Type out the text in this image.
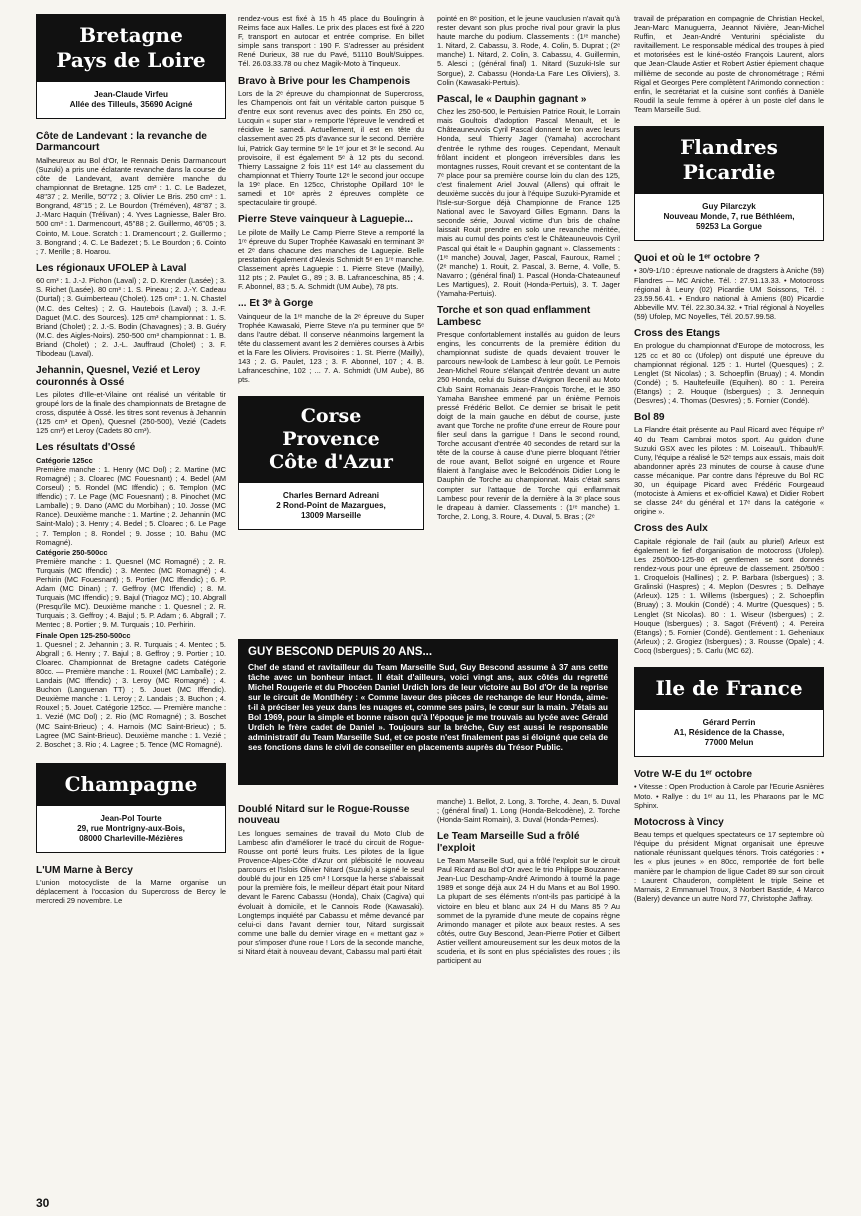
Bretagne
Pays de Loire
Jean-Claude Virfeu
Allée des Tilleuls, 35690 Acigné
Côte de Landevant : la revanche de Darmancourt

Malheureux au Bol d'Or, le Rennais Denis Darmancourt (Suzuki) a pris une éclatante revanche dans la course de côte de Landevant, avant dernière manche du championnat de Bretagne. 125 cm³ : 1. C. Le Badezet, 48''37 ; 2. Merille, 50''72 ; 3. Olivier Le Bris. 250 cm³ : 1. Bongrand, 48''15 ; 2. Le Bourdon (Tréméven), 48''87 ; 3. J.-Marc Haquin (Trélivan) ; 4. Yves Lagniesse, Baler Bro. 500 cm³ : 1. Darmencourt, 45''88 ; 2. Guillermo, 46''05 ; 3. Cointo, M. Loue. Scratch : 1. Dramencourt ; 2. Guillermo ; 3. Bongrand ; 4. C. Le Badezet ; 5. Le Bourdon ; 6. Cointo ; 7. Merille ; 8. Hoarou.

Les régionaux UFOLEP à Laval

60 cm³ : 1. J.-J. Pichon (Laval) ; 2. D. Krender (Lasée) ; 3. S. Richet (Lasée). 80 cm³ : 1. S. Pineau ; 2. J.-Y. Cadeau (Durtal) ; 3. Guimberteau (Cholet). 125 cm³ : 1. N. Chastel (M.C. des Celtes) ; 2. G. Hautebois (Laval) ; 3. J.-F. Daguet (M.C. des Sources). 125 cm³ championnat : 1. S. Briand (Cholet) ; 2. J.-S. Bodin (Chavagnes) ; 3. B. Guéry (M.C. des Aigles-Noirs). 250-500 cm³ championnat : 1. B. Briand (Cholet) ; 2. J.-L. Jauffraud (Cholet) ; 3. F. Tibodeau (Laval).

Jehannin, Quesnel, Vezié et Leroy couronnés à Ossé

Les pilotes d'Ille-et-Vilaine ont réalisé un véritable tir groupé lors de la finale des championnats de Bretagne de cross, disputée à Ossé. les titres sont revenus à Jehannin (125 cm³ et Open), Quesnel (250-500), Vezié (Cadets 125 cm³) et Leroy (Cadets 80 cm³).

Les résultats d'Ossé
Catégorie 125cc

Première manche : 1. Henry (MC Dol) ; 2. Martine (MC Romagné) ; 3. Cloarec (MC Fouesnant) ; 4. Bedel (AM Corseul) ; 5. Rondel (MC Iffendic) ; 6. Templon (MC Iffendic) ; 7. Le Page (MC Fouesnant) ; 8. Pinochet (MC Lamballe) ; 9. Dano (AMC du Morbihan) ; 10. Josse (MC Rance). Deuxième manche : 1. Martine ; 2. Jehannin (MC Saint-Malo) ; 3. Henry ; 4. Bedel ; 5. Cloarec ; 6. Le Page ; 7. Templon ; 8. Rondel ; 9. Josse ; 10. Bahu (MC Romagné).

Catégorie 250-500cc

Première manche : 1. Quesnel (MC Romagné) ; 2. R. Turquais (MC Iffendic) ; 3. Mentec (MC Romagné) ; 4. Perhirin (MC Fouesnant) ; 5. Portier (MC Iffendic) ; 6. P. Adam (MC Dinan) ; 7. Geffroy (MC Iffendic) ; 8. M. Turquais (MC Iffendic) ; 9. Bajul (Triagoz MC) ; 10. Abgrall (Presqu'île MC). Deuxième manche : 1. Quesnel ; 2. R. Turquais ; 3. Geffroy ; 4. Bajul ; 5. P. Adam ; 6. Abgrall ; 7. Mentec ; 8. Portier ; 9. M. Turquais ; 10. Perhirin.

Finale Open 125-250-500cc

1. Quesnel ; 2. Jehannin ; 3. R. Turquais ; 4. Mentec ; 5. Abgrall ; 6. Henry ; 7. Bajul ; 8. Geffroy ; 9. Portier ; 10. Cloarec. Championnat de Bretagne cadets Catégorie 80cc. — Première manche : 1. Rouxel (MC Lamballe) ; 2. Landais (MC Iffendic) ; 3. Leroy (MC Romagné) ; 4. Buchon (Languenan TT) ; 5. Jouet (MC Iffendic). Deuxième manche : 1. Leroy ; 2. Landais ; 3. Buchon ; 4. Rouxel ; 5. Jouet. Catégorie 125cc. — Première manche : 1. Vezié (MC Dol) ; 2. Rio (MC Romagné) ; 3. Boschet (MC Saint-Brieuc) ; 4. Harnois (MC Saint-Brieuc) ; 5. Lagree (MC Saint-Brieuc). Deuxième manche : 1. Vezié ; 2. Boschet ; 3. Rio ; 4. Lagree ; 5. Tence (MC Romagné).

Champagne
Jean-Pol Tourte
29, rue Montrigny-aux-Bois,
08000 Charleville-Mézières
L'UM Marne à Bercy

L'union motocycliste de la Marne organise un déplacement à l'occasion du Supercross de Bercy le mercredi 29 novembre. Le

rendez-vous est fixé à 15 h 45 place du Boulingrin à Reims face aux Halles. Le prix des places est fixé à 220 F, transport en autocar et entrée comprise. En billet simple sans transport : 190 F. S'adresser au président René Durieux, 38 rue du Pavé, 51110 Boult/Suippes. Tél. 26.03.33.78 ou chez Magik-Moto à Tinqueux.

Bravo à Brive pour les Champenois

Lors de la 2ᵉ épreuve du championnat de Supercross, les Champenois ont fait un véritable carton puisque 5 d'entre eux sont revenus avec des points. En 250 cc, Lucquin « super star » remporte l'épreuve le vendredi et récidive le samedi. Actuellement, il est en tête du classement avec 25 pts d'avance sur le second. Derrière lui, Patrick Gay termine 5ᵉ le 1ᵉʳ jour et 3ᵉ le second. Au provisoire, il est également 5ᵉ à 12 pts du second. Thierry Lassaigne 2 fois 11ᵉ est 14ᵉ au classement du championnat et Thierry Tourte 12ᵉ le second jour occupe la 19ᵉ place. En 125cc, Christophe Opillard 10ᵉ le samedi et 10ᵉ après 2 épreuves complète ce spectaculaire tir groupé.

Pierre Steve vainqueur à Laguepie...

Le pilote de Mailly Le Camp Pierre Steve a remporté la 1ʳᵉ épreuve du Super Trophée Kawasaki en terminant 3ᵉ et 2ᵉ dans chacune des manches de Laguepie. Belle prestation également d'Alexis Schmidt 5ᵉ en 1ʳᵉ manche. Classement après Laguepie : 1. Pierre Steve (Mailly), 112 pts ; 2. Paulet G., 89 ; 3. B. Lafranceschina, 85 ; 4. F. Abonnel, 83 ; 5. A. Schmidt (UM Aube), 78 pts.

... Et 3ᵉ à Gorge

Vainqueur de la 1ʳᵉ manche de la 2ᵉ épreuve du Super Trophée Kawasaki, Pierre Steve n'a pu terminer que 5ᵉ dans l'autre débat. Il conserve néanmoins largement la tête du classement avant les 2 dernières courses à Arbis et la Fare les Oliviers. Provisoires : 1. St. Pierre (Mailly), 143 ; 2. G. Paulet, 123 ; 3. F. Abonnel, 107 ; 4. B. Lafranceschine, 102 ; ... 7. A. Schmidt (UM Aube), 86 pts.

Corse
Provence
Côte d'Azur
Charles Bernard Adreani
2 Rond-Point de Mazargues,
13009 Marseille

pointé en 8ᵉ position, et le jeune vauclusien n'avait qu'à rester devant son plus proche rival pour gravir la plus haute marche du podium. Classements : (1ʳᵉ manche) 1. Nitard, 2. Cabassu, 3. Rode, 4. Colin, 5. Duprat ; (2ᵉ manche) 1. Nitard, 2. Colin, 3. Cabassu, 4. Guillermin, 5. Alesci ; (général final) 1. Nitard (Suzuki-Isle sur Sorgue), 2. Cabassu (Honda-La Fare Les Oliviers), 3. Colin (Kawasaki-Pertuis).

Pascal, le « Dauphin gagnant »

Chez les 250-500, le Pertuisien Patrice Rouit, le Lorrain mais Goultois d'adoption Pascal Menault, et le Châteauneuvois Cyril Pascal donnent le ton avec leurs Honda, seul Thierry Jager (Yamaha) accrochant d'entrée le rythme des rouges. Cependant, Menault frôlant incident et plongeon irréversibles dans les montagnes russes, Rouit crevant et se contentant de la 7ᵉ place pour sa première course loin du clan des 125, c'est finalement Ariel Jouval (Allens) qui offrait le deuxième succès du jour à l'équipe Suzuki-Pyramide et l'Isle-sur-Sorgue déjà Championne de France 125 National avec le Savoyard Gilles Egmann. Dans la seconde série, Jouval victime d'un bris de chaîne laissait Rouit prendre en solo une revanche méritée, mais au cumul des points c'est le Châteauneuvois Cyril Pascal qui était le « Dauphin gagnant ». Classements : (1ʳᵉ manche) Jouval, Jager, Pascal, Fauroux, Ramel ; (2ᵉ manche) 1. Rouit, 2. Pascal, 3. Berne, 4. Volle, 5. Navarro ; (général final) 1. Pascal (Honda-Chateauneuf Les Martigues), 2. Rouit (Honda-Pertuis), 3. T. Jager (Yamaha-Pertuis).

Torche et son quad enflamment Lambesc

Presque confortablement installés au guidon de leurs engins, les concurrents de la première édition du championnat sudiste de quads devaient trouver le parcours new-look de Lambesc à leur goût. Le Pernois Jean-Michel Roure s'élançait d'entrée devant un autre 250 Honda, celui du Suisse d'Avignon Ilecenil au Moto Club Saint Romanais Jean-François Torche, et le 350 Yamaha Banshee emmené par un énième Pernois pressé Frédéric Bellot. Ce dernier se brisait le petit doigt de la main gauche en début de course, juste avant que Torche ne profite d'une erreur de Roure pour filer seul dans la garrigue ! Dans le second round, Torche accusant d'entrée 40 secondes de retard sur la tête de la course à cause d'une pierre bloquant l'étrier de roue avant, Bellot soigné en urgence et Roure filaient à l'anglaise avec le Belcodénois Didier Long le Dauphin de Torche au championnat. Mais c'était sans compter sur l'attaque de Torche qui enflammait Lambesc pour revenir de la dernière à la 3ᵉ place sous le drapeau à damier. Classements : (1ʳᵉ manche) 1. Torche, 2. Long, 3. Roure, 4. Duval, 5. Bras ; (2ᵉ

GUY BESCOND DEPUIS 20 ANS...
Chef de stand et ravitailleur du Team Marseille Sud, Guy Bescond assume à 37 ans cette tâche avec un bonheur intact. Il était d'ailleurs, voici vingt ans, aux côtés du regretté Michel Rougerie et du Phocéen Daniel Urdich lors de leur victoire au Bol d'Or de la reprise sur le circuit de Montlhéry : « Comme laveur des pièces de rechange de leur Honda, aime-t-il à préciser les yeux dans les nuages et, comme ses pairs, le cœur sur la main. J'étais au Bol 1969, pour la simple et bonne raison qu'à l'époque je me trouvais au lycée avec Gérald Urdich le frère cadet de Daniel ». Toujours sur la brèche, Guy est aussi le responsable administratif du Team Marseille Sud, et ce poste n'est finalement pas si éloigné que cela de ses fonctions dans le civil de conseiller en placements auprès du Trésor Public.
Doublé Nitard sur le Rogue-Rousse nouveau

Les longues semaines de travail du Moto Club de Lambesc afin d'améliorer le tracé du circuit de Rogue-Rousse ont porté leurs fruits. Les pilotes de la ligue Provence-Alpes-Côte d'Azur ont plébiscité le nouveau parcours et l'Islois Olivier Nitard (Suzuki) a signé le seul doublé du jour en 125 cm³ ! Lorsque la herse s'abaissait pour la première fois, le meilleur départ était pour Nitard devant le Farenc Cabassu (Honda), Chaix (Cagiva) qui évoluait à domicile, et le Cannois Rode (Kawasaki). Longtemps inquiété par Cabassu et même devancé par celui-ci dans l'avant dernier tour, Nitard surgissait comme une balle du dernier virage en « mettant gaz » pour s'imposer d'une roue ! Lors de la seconde manche, si Nitard était à nouveau devant, Cabassu mal parti était

manche) 1. Bellot, 2. Long, 3. Torche, 4. Jean, 5. Duval ; (général final) 1. Long (Honda-Belcodène), 2. Torche (Honda-Saint Romain), 3. Duval (Honda-Pernes).

Le Team Marseille Sud a frôlé l'exploit

Le Team Marseille Sud, qui a frôlé l'exploit sur le circuit Paul Ricard au Bol d'Or avec le trio Philippe Bouzanne-Jean-Luc Deschamp-André Arimondo à tourné la page 1989 et songe déjà aux 24 H du Mans et au Bol 1990. La plupart de ses éléments n'ont-ils pas participé à la victoire en bleu et blanc aux 24 H du Mans 85 ? Au sommet de la pyramide d'une meute de copains règne Arimondo manager et pilote aux beaux restes. A ses côtés, outre Guy Bescond, Jean-Pierre Potier et Gilbert Astier veillent amoureusement sur les deux motos de la scuderia, et ils sont en plus spécialistes des roues ; ils participent au

travail de préparation en compagnie de Christian Heckel, Jean-Marc Manuguerra, Jeannot Nivière, Jean-Michel Ruffin, et Jean-André Venturini spécialiste du ravitaillement. Le responsable médical des troupes à pied et motorisées est le kiné-ostéo François Laurent, alors que Jean-Claude Astier et Robert Astier épiement chaque millième de seconde au poste de chronométrage ; Rémi Rigal et Georges Pere complètent l'Arimondo connection : enfin, le secrétariat et la cuisine sont confiés à Danièle Roudil la seule femme à opérer à un poste clef dans le Team Marseille Sud.

Flandres
Picardie
Guy Pilarczyk
Nouveau Monde, 7, rue Béthléem,
59253 La Gorgue
Quoi et où le 1ᵉʳ octobre ?

• 30/9-1/10 : épreuve nationale de dragsters à Aniche (59) Flandres — MC Aniche. Tél. : 27.91.13.33. • Motocross régional à Leury (02) Picardie UM Soissons, Tél. : 23.59.56.41. • Enduro national à Amiens (80) Picardie Abbeville MV. Tél. 22.30.34.32. • Trial régional à Noyelles (59) Ufolep, MC Noyelles, Tél. 20.57.99.58.

Cross des Etangs

En prologue du championnat d'Europe de motocross, les 125 cc et 80 cc (Ufolep) ont disputé une épreuve du championnat régional. 125 : 1. Hurtel (Quesques) ; 2. Lenglet (St Nicolas) ; 3. Schoepflin (Bruay) ; 4. Mondin (Condé) ; 5. Haultefeuille (Equihen). 80 : 1. Pereira (Etangs) ; 2. Houque (Isbergues) ; 3. Jennequin (Desvres) ; 4. Thomas (Desvres) ; 5. Fornier (Condé).

Bol 89

La Flandre était présente au Paul Ricard avec l'équipe nº 40 du Team Cambrai motos sport. Au guidon d'une Suzuki GSX avec les pilotes : M. Loiseau/L. Thibault/F. Cuny, l'équipe a réalisé le 52ᵉ temps aux essais, mais doit abandonner après 23 minutes de course à cause d'une casse mécanique. Par contre dans l'épreuve du Bol RC 30, un équipage Picard avec Frédéric Fourgeaud (motociste à Amiens et ex-officiel Kawa) et Didier Robert se classe 24ᵉ du général et 17ᵉ dans la catégorie « origine ».

Cross des Aulx

Capitale régionale de l'ail (aulx au pluriel) Arleux est également le fief d'organisation de motocross (Ufolep). Les 250/500-125-80 et gentlemen se sont donnés rendez-vous pour une épreuve de classement. 250/500 : 1. Croquelois (Hallines) ; 2. P. Barbara (Isbergues) ; 3. Gralinski (Haspres) ; 4. Meplon (Desvres ; 5. Delhaye (Arleux). 125 : 1. Willems (Isbergues) ; 2. Schoepflin (Bruay) ; 3. Moukin (Condé) ; 4. Murtre (Quesques) ; 5. Lenglet (St Nicolas). 80 : 1. Wiseur (Isbergues) ; 2. Houque (Isbergues) ; 3. Sagot (Frévent) ; 4. Pereira (Etangs) ; 5. Fornier (Condé). Gentlement : 1. Geheniaux (Arleux) ; 2. Grogiez (Isbergues) ; 3. Rousse (Opale) ; 4. Cocq (Isbergues) ; 5. Carlu (MC 62).

Ile de France
Gérard Perrin
A1, Résidence de la Chasse,
77000 Melun
Votre W-E du 1ᵉʳ octobre

• Vitesse : Open Production à Carole par l'Ecurie Asnières Moto. • Rallye : du 1ᵉʳ au 11, les Pharaons par le MC Sphinx.

Motocross à Vincy

Beau temps et quelques spectateurs ce 17 septembre où l'équipe du président Mignat organisait une épreuve nationale réunissant quelques ténors. Trois catégories : • les « plus jeunes » en 80cc, remportée de fort belle manière par le champion de ligue Cadet 89 sur son circuit : Laurent Chauderon, complètent le triple Seine et Marnais, 2 Emmanuel Troux, 3 Norbert Bastide, 4 Marco (Balery) devance un autre Nord 77, Christophe Jaffray.

30
